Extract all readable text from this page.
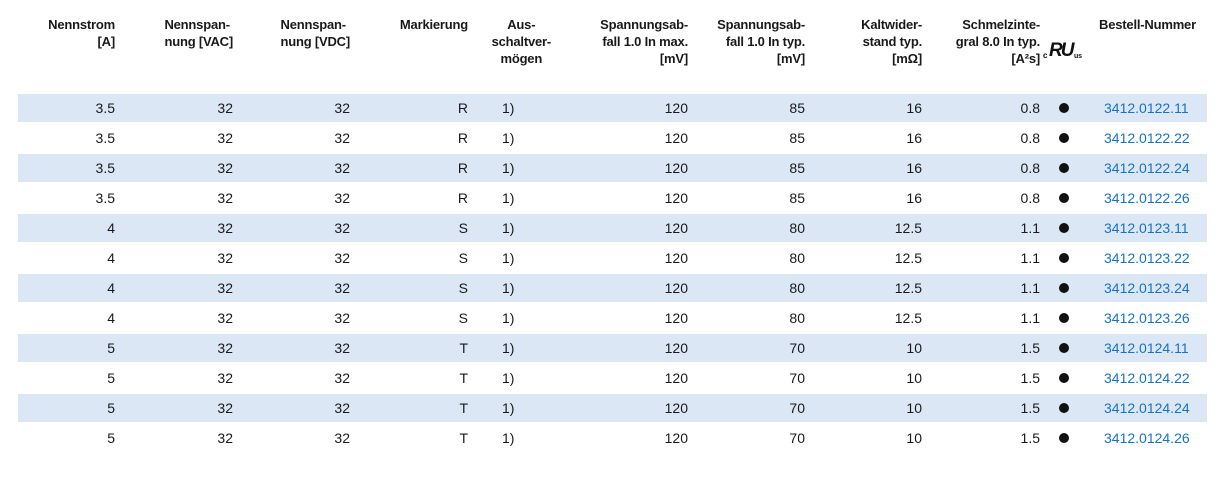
Nennstrom
[A]	Nennspan-
nung [VAC]	Nennspan-
nung [VDC]	Markierung	Aus-
schaltver-
mögen	Spannungsab-
fall 1.0 In max.
[mV]	Spannungsab-
fall 1.0 In typ.
[mV]	Kaltwider-
stand typ.
[mΩ]	Schmelzinte-
gral 8.0 In typ.
[A²s]	c RU us	Bestell-Nummer

3.5	32	32	R	1)	120	85	16	0.8		3412.0122.11
3.5	32	32	R	1)	120	85	16	0.8		3412.0122.22
3.5	32	32	R	1)	120	85	16	0.8		3412.0122.24
3.5	32	32	R	1)	120	85	16	0.8		3412.0122.26
4	32	32	S	1)	120	80	12.5	1.1		3412.0123.11
4	32	32	S	1)	120	80	12.5	1.1		3412.0123.22
4	32	32	S	1)	120	80	12.5	1.1		3412.0123.24
4	32	32	S	1)	120	80	12.5	1.1		3412.0123.26
5	32	32	T	1)	120	70	10	1.5		3412.0124.11
5	32	32	T	1)	120	70	10	1.5		3412.0124.22
5	32	32	T	1)	120	70	10	1.5		3412.0124.24
5	32	32	T	1)	120	70	10	1.5		3412.0124.26
